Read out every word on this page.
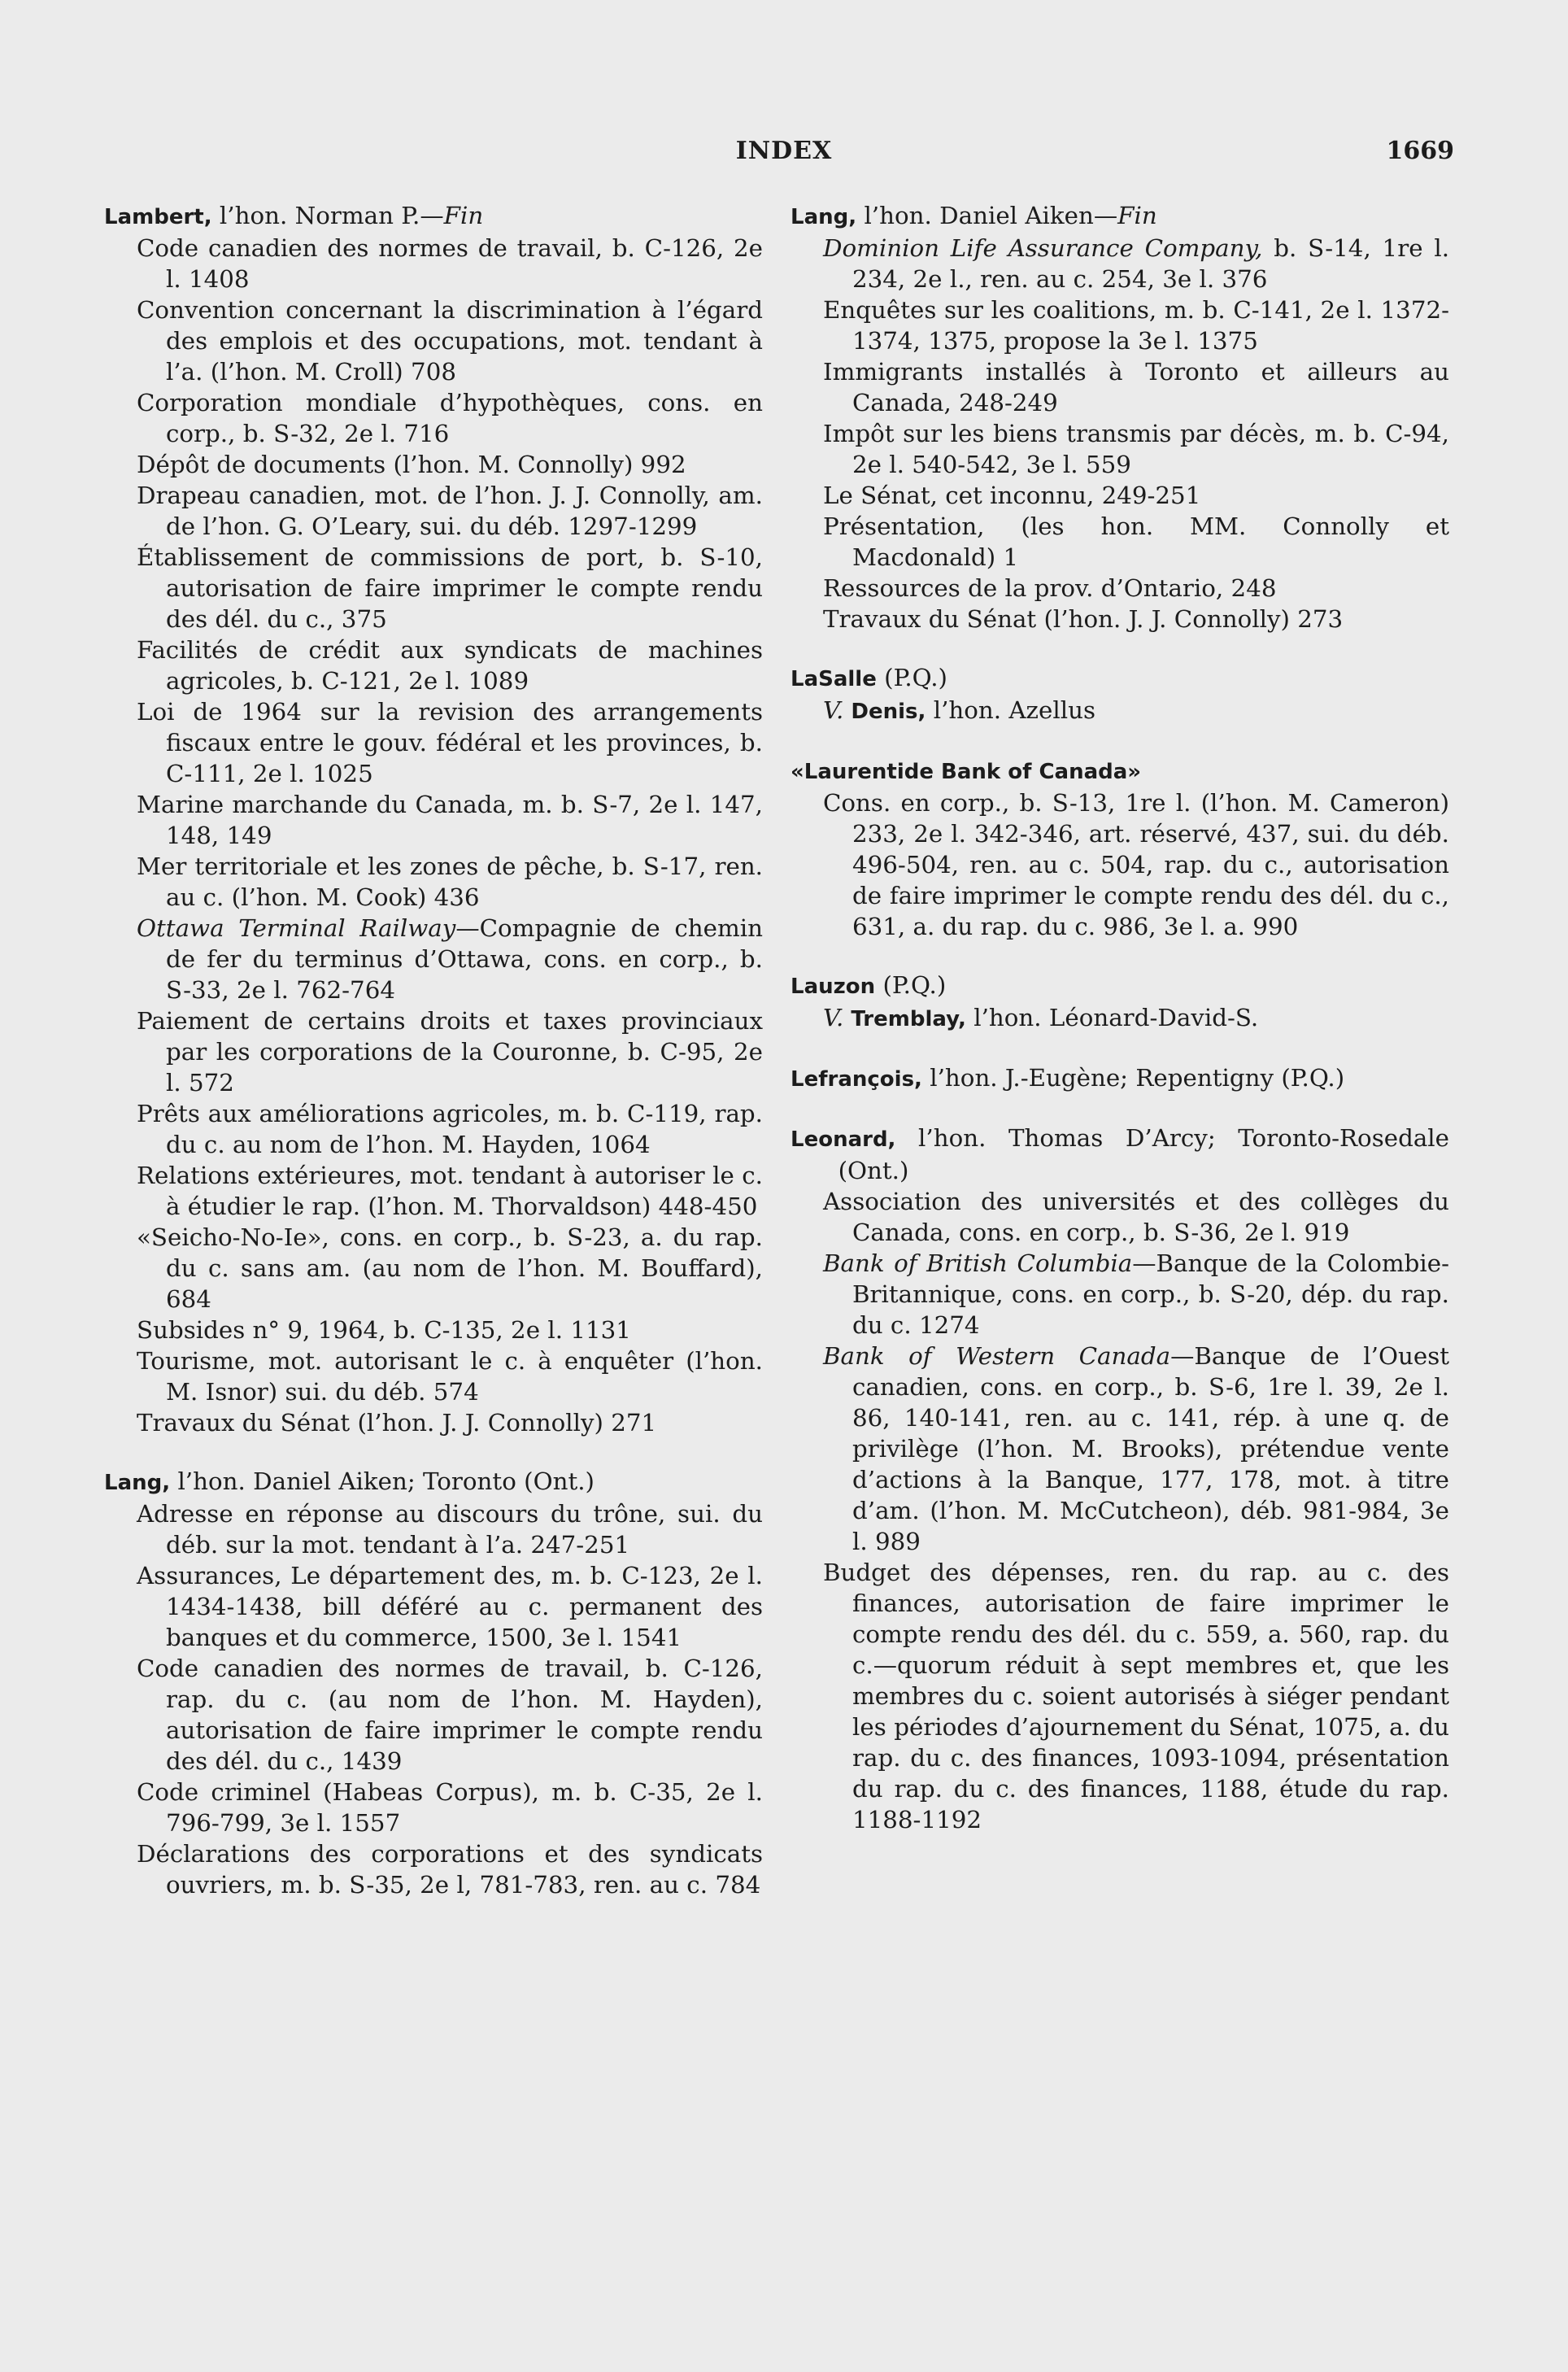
INDEX	1669
Lambert, l’hon. Norman P.—Fin
Code canadien des normes de travail, b. C-126, 2e l. 1408
Convention concernant la discrimination à l’égard des emplois et des occupations, mot. tendant à l’a. (l’hon. M. Croll) 708
Corporation mondiale d’hypothèques, cons. en corp., b. S-32, 2e l. 716
Dépôt de documents (l’hon. M. Connolly) 992
Drapeau canadien, mot. de l’hon. J. J. Connolly, am. de l’hon. G. O’Leary, sui. du déb. 1297-1299
Établissement de commissions de port, b. S-10, autorisation de faire imprimer le compte rendu des dél. du c., 375
Facilités de crédit aux syndicats de machines agricoles, b. C-121, 2e l. 1089
Loi de 1964 sur la revision des arrangements fiscaux entre le gouv. fédéral et les provinces, b. C-111, 2e l. 1025
Marine marchande du Canada, m. b. S-7, 2e l. 147, 148, 149
Mer territoriale et les zones de pêche, b. S-17, ren. au c. (l’hon. M. Cook) 436
Ottawa Terminal Railway—Compagnie de chemin de fer du terminus d’Ottawa, cons. en corp., b. S-33, 2e l. 762-764
Paiement de certains droits et taxes provinciaux par les corporations de la Couronne, b. C-95, 2e l. 572
Prêts aux améliorations agricoles, m. b. C-119, rap. du c. au nom de l’hon. M. Hayden, 1064
Relations extérieures, mot. tendant à autoriser le c. à étudier le rap. (l’hon. M. Thorvaldson) 448-450
«Seicho-No-Ie», cons. en corp., b. S-23, a. du rap. du c. sans am. (au nom de l’hon. M. Bouffard), 684
Subsides n° 9, 1964, b. C-135, 2e l. 1131
Tourisme, mot. autorisant le c. à enquêter (l’hon. M. Isnor) sui. du déb. 574
Travaux du Sénat (l’hon. J. J. Connolly) 271
Lang, l’hon. Daniel Aiken; Toronto (Ont.)
Adresse en réponse au discours du trône, sui. du déb. sur la mot. tendant à l’a. 247-251
Assurances, Le département des, m. b. C-123, 2e l. 1434-1438, bill déféré au c. permanent des banques et du commerce, 1500, 3e l. 1541
Code canadien des normes de travail, b. C-126, rap. du c. (au nom de l’hon. M. Hayden), autorisation de faire imprimer le compte rendu des dél. du c., 1439
Code criminel (Habeas Corpus), m. b. C-35, 2e l. 796-799, 3e l. 1557
Déclarations des corporations et des syndicats ouvriers, m. b. S-35, 2e l, 781-783, ren. au c. 784
Lang, l’hon. Daniel Aiken—Fin
Dominion Life Assurance Company, b. S-14, 1re l. 234, 2e l., ren. au c. 254, 3e l. 376
Enquêtes sur les coalitions, m. b. C-141, 2e l. 1372-1374, 1375, propose la 3e l. 1375
Immigrants installés à Toronto et ailleurs au Canada, 248-249
Impôt sur les biens transmis par décès, m. b. C-94, 2e l. 540-542, 3e l. 559
Le Sénat, cet inconnu, 249-251
Présentation, (les hon. MM. Connolly et Macdonald) 1
Ressources de la prov. d’Ontario, 248
Travaux du Sénat (l’hon. J. J. Connolly) 273
LaSalle (P.Q.)
V. Denis, l’hon. Azellus
«Laurentide Bank of Canada»
Cons. en corp., b. S-13, 1re l. (l’hon. M. Cameron) 233, 2e l. 342-346, art. réservé, 437, sui. du déb. 496-504, ren. au c. 504, rap. du c., autorisation de faire imprimer le compte rendu des dél. du c., 631, a. du rap. du c. 986, 3e l. a. 990
Lauzon (P.Q.)
V. Tremblay, l’hon. Léonard-David-S.
Lefrançois, l’hon. J.-Eugène; Repentigny (P.Q.)
Leonard, l’hon. Thomas D’Arcy; Toronto-Rosedale (Ont.)
Association des universités et des collèges du Canada, cons. en corp., b. S-36, 2e l. 919
Bank of British Columbia—Banque de la Colombie-Britannique, cons. en corp., b. S-20, dép. du rap. du c. 1274
Bank of Western Canada—Banque de l’Ouest canadien, cons. en corp., b. S-6, 1re l. 39, 2e l. 86, 140-141, ren. au c. 141, rép. à une q. de privilège (l’hon. M. Brooks), prétendue vente d’actions à la Banque, 177, 178, mot. à titre d’am. (l’hon. M. McCutcheon), déb. 981-984, 3e l. 989
Budget des dépenses, ren. du rap. au c. des finances, autorisation de faire imprimer le compte rendu des dél. du c. 559, a. 560, rap. du c.—quorum réduit à sept membres et, que les membres du c. soient autorisés à siéger pendant les périodes d’ajournement du Sénat, 1075, a. du rap. du c. des finances, 1093-1094, présentation du rap. du c. des finances, 1188, étude du rap. 1188-1192
